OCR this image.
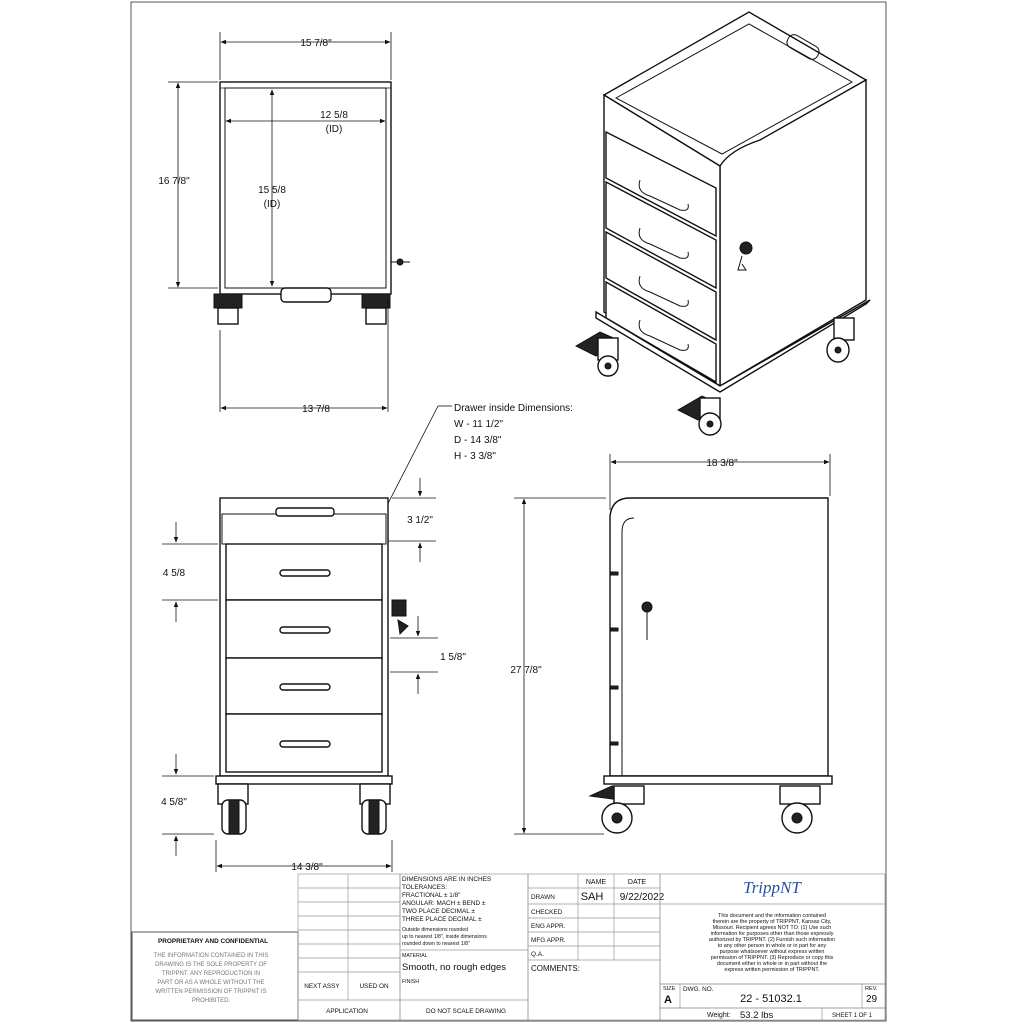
15 7/8"
12 5/8
(ID)
15 5/8
(ID)
16 7/8"
13 7/8	Drawer inside Dimensions:
W - 11 1/2"
D - 14 3/8"
H - 3 3/8"
3 1/2"
4 5/8
1 5/8"
4 5/8"
14 3/8"
18 3/8"
27 7/8"
PROPRIETARY AND CONFIDENTIAL
THE INFORMATION CONTAINED IN THIS
DRAWING IS THE SOLE PROPERTY OF
TRIPPNT. ANY REPRODUCTION IN
PART OR AS A WHOLE WITHOUT THE
WRITTEN PERMISSION OF TRIPPNT IS
PROHIBITED.
NEXT ASSY	USED ON
APPLICATION
DIMENSIONS ARE IN INCHES
TOLERANCES:
FRACTIONAL ± 1/8"
ANGULAR: MACH ± BEND ±
TWO PLACE DECIMAL ±
THREE PLACE DECIMAL ±
Outside dimensions rounded
up to nearest 1/8", inside dimensions
rounded down to nearest 1/8"
MATERIAL
Smooth, no rough edges
FINISH
DO NOT SCALE DRAWING
NAME	DATE
DRAWN SAH 9/22/2022
CHECKED
ENG APPR.
MFG APPR.
Q.A.
COMMENTS:
TrippNT
This document and the information contained
therein are the property of TRIPPNT, Kansas City,
Missouri. Recipient agrees NOT TO: (1) Use such
information for purposes other than those expressly
authorized by TRIPPNT. (2) Furnish such information
to any other person in whole or in part for any
purpose whatsoever without express written
permission of TRIPPNT. (3) Reproduce or copy this
document either in whole or in part without the
express written permission of TRIPPNT.
SIZE
A
DWG. NO.
22 - 51032.1
REV.
29
Weight: 53.2 lbs	SHEET 1 OF 1
